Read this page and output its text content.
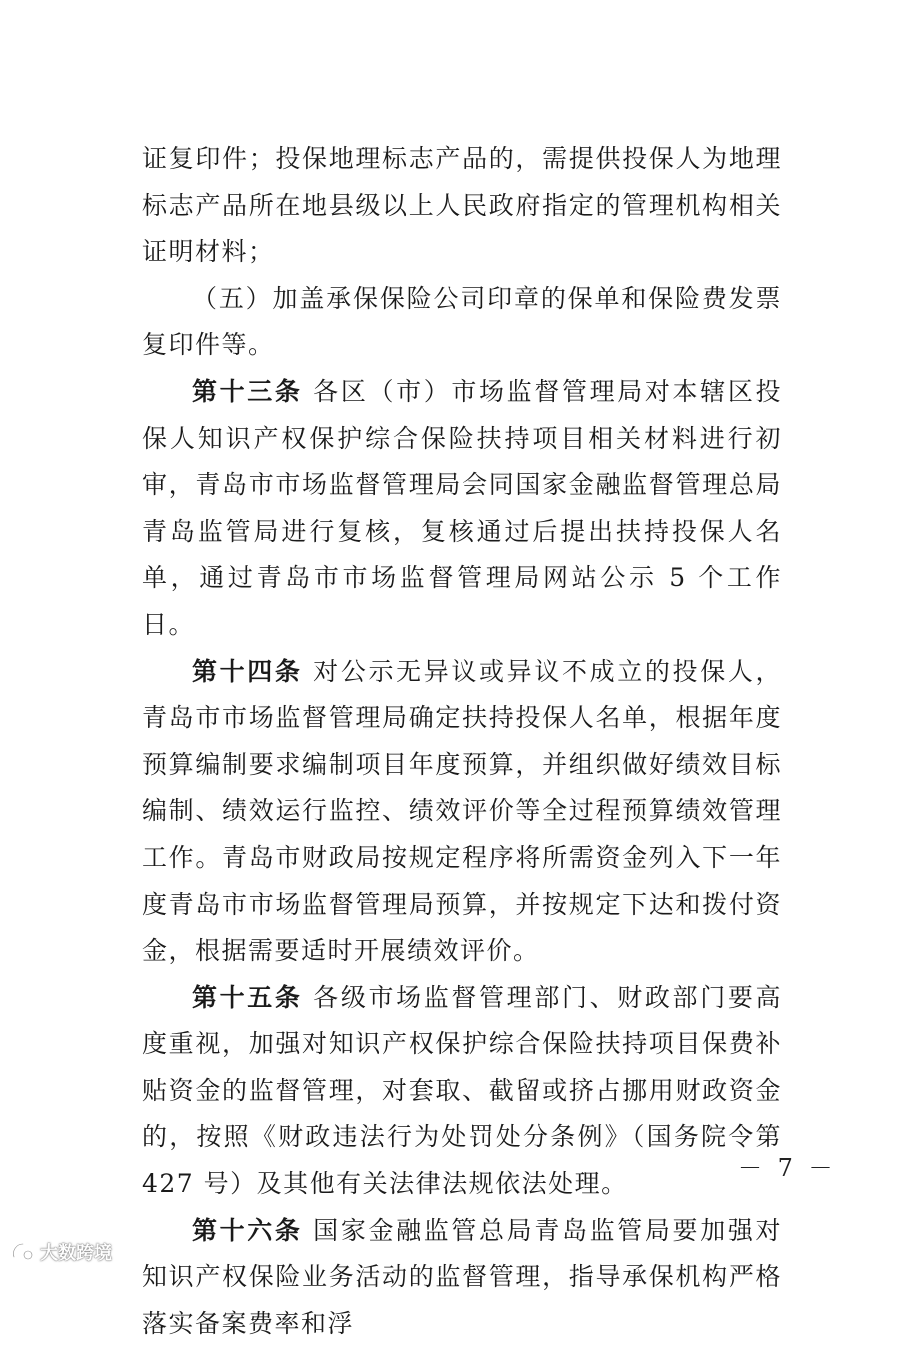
证复印件；投保地理标志产品的，需提供投保人为地理标志产品所在地县级以上人民政府指定的管理机构相关证明材料；

（五）加盖承保保险公司印章的保单和保险费发票复印件等。

第十三条 各区（市）市场监督管理局对本辖区投保人知识产权保护综合保险扶持项目相关材料进行初审，青岛市市场监督管理局会同国家金融监督管理总局青岛监管局进行复核，复核通过后提出扶持投保人名单，通过青岛市市场监督管理局网站公示 5 个工作日。

第十四条 对公示无异议或异议不成立的投保人，青岛市市场监督管理局确定扶持投保人名单，根据年度预算编制要求编制项目年度预算，并组织做好绩效目标编制、绩效运行监控、绩效评价等全过程预算绩效管理工作。青岛市财政局按规定程序将所需资金列入下一年度青岛市市场监督管理局预算，并按规定下达和拨付资金，根据需要适时开展绩效评价。

第十五条 各级市场监督管理部门、财政部门要高度重视，加强对知识产权保护综合保险扶持项目保费补贴资金的监督管理，对套取、截留或挤占挪用财政资金的，按照《财政违法行为处罚处分条例》（国务院令第 427 号）及其他有关法律法规依法处理。

第十六条 国家金融监管总局青岛监管局要加强对知识产权保险业务活动的监督管理，指导承保机构严格落实备案费率和浮

－ 7 －
大数跨境
